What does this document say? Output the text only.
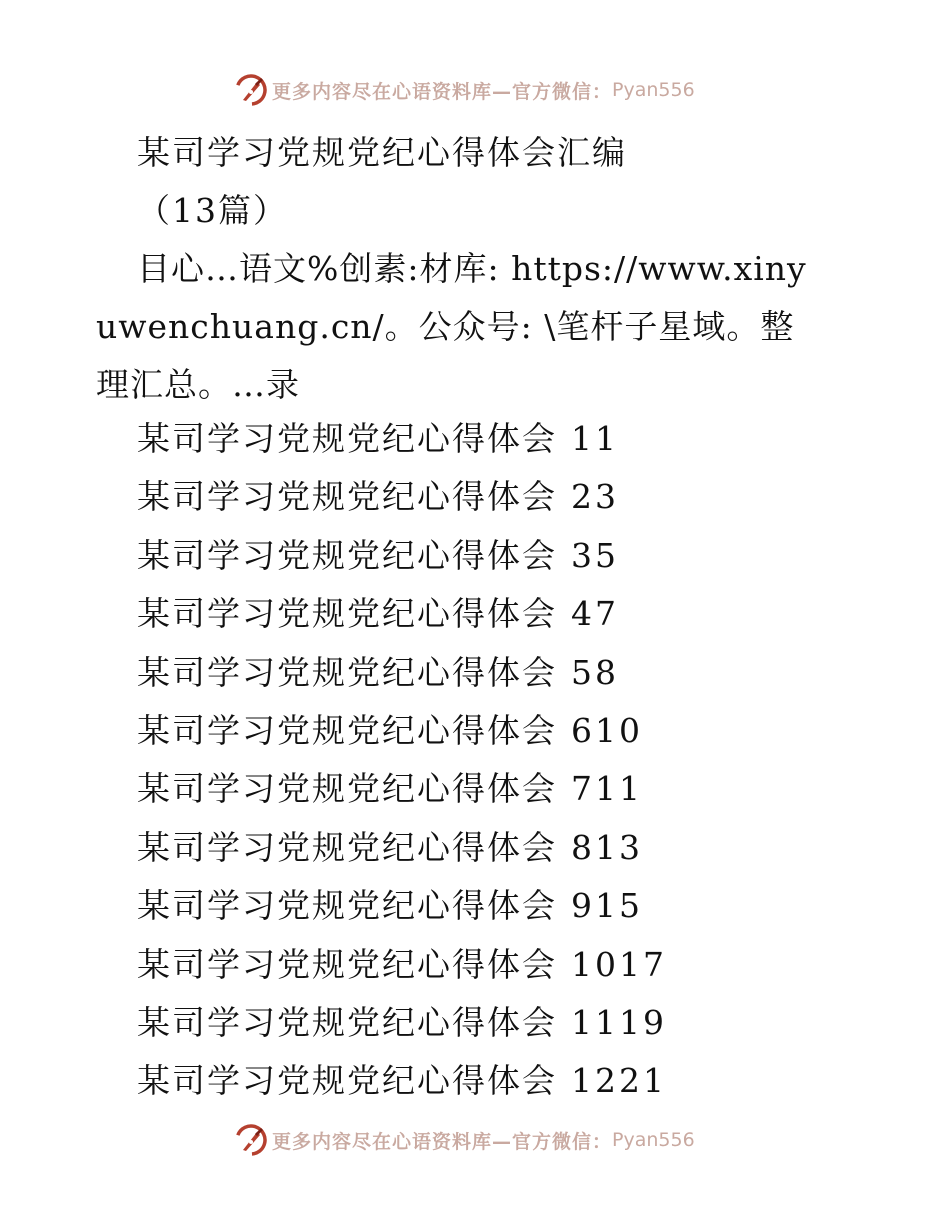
更多内容尽在心语资料库—官方微信： Pyan556
某司学习党规党纪心得体会汇编（13篇）

目心…语文%创素:材库: https://www.xinyuwenchuang.cn/。公众号: \笔杆子星域。整理汇总。…录

某司学习党规党纪心得体会 11
某司学习党规党纪心得体会 23
某司学习党规党纪心得体会 35
某司学习党规党纪心得体会 47
某司学习党规党纪心得体会 58
某司学习党规党纪心得体会 610
某司学习党规党纪心得体会 711
某司学习党规党纪心得体会 813
某司学习党规党纪心得体会 915
某司学习党规党纪心得体会 1017
某司学习党规党纪心得体会 1119
某司学习党规党纪心得体会 1221
更多内容尽在心语资料库—官方微信： Pyan556
